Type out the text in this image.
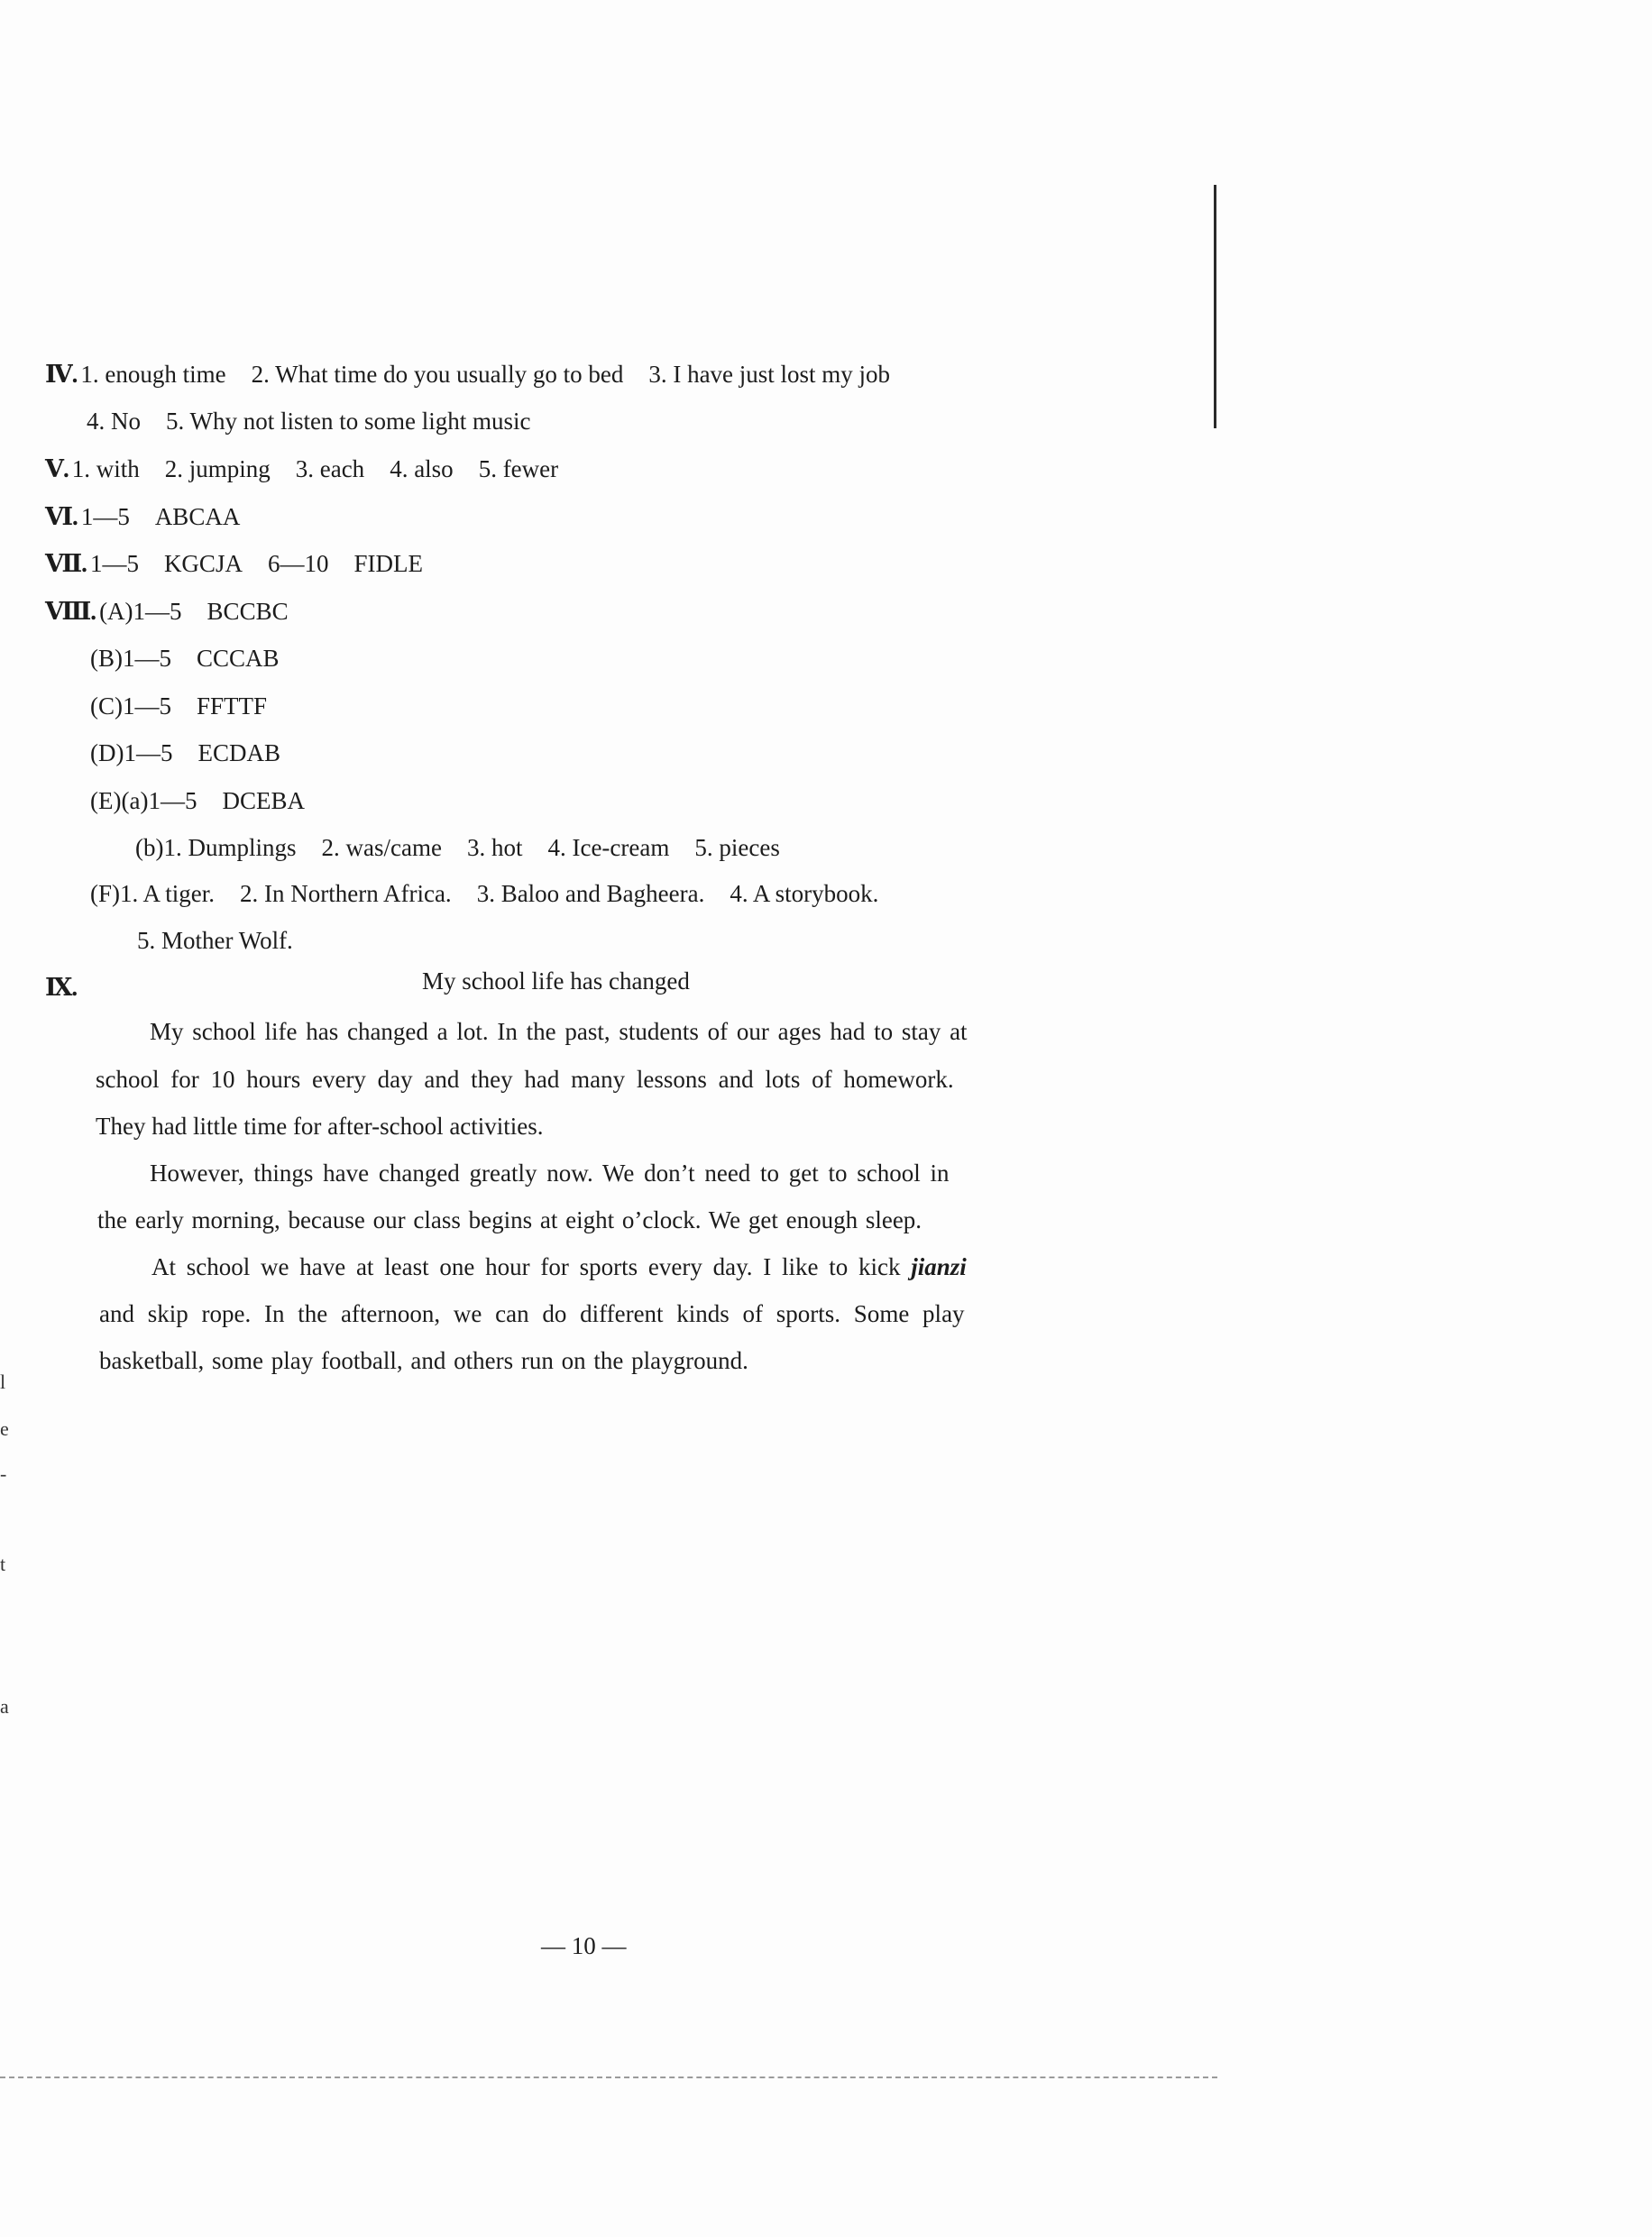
Ⅳ. 1. enough time 2. What time do you usually go to bed 3. I have just lost my job
4. No 5. Why not listen to some light music
Ⅴ. 1. with 2. jumping 3. each 4. also 5. fewer
Ⅵ. 1—5 ABCAA
Ⅶ. 1—5 KGCJA 6—10 FIDLE
Ⅷ. (A)1—5 BCCBC
(B)1—5 CCCAB
(C)1—5 FFTTF
(D)1—5 ECDAB
(E)(a)1—5 DCEBA
(b)1. Dumplings 2. was/came 3. hot 4. Ice-cream 5. pieces
(F)1. A tiger. 2. In Northern Africa. 3. Baloo and Bagheera. 4. A storybook.
5. Mother Wolf.
Ⅸ.	My school life has changed
My school life has changed a lot. In the past, students of our ages had to stay at
school for 10 hours every day and they had many lessons and lots of homework.
They had little time for after-school activities.
However, things have changed greatly now. We don’t need to get to school in
the early morning, because our class begins at eight o’clock. We get enough sleep.
At school we have at least one hour for sports every day. I like to kick jianzi
and skip rope. In the afternoon, we can do different kinds of sports. Some play
basketball, some play football, and others run on the playground.
l
e
-
t
a
— 10 —
